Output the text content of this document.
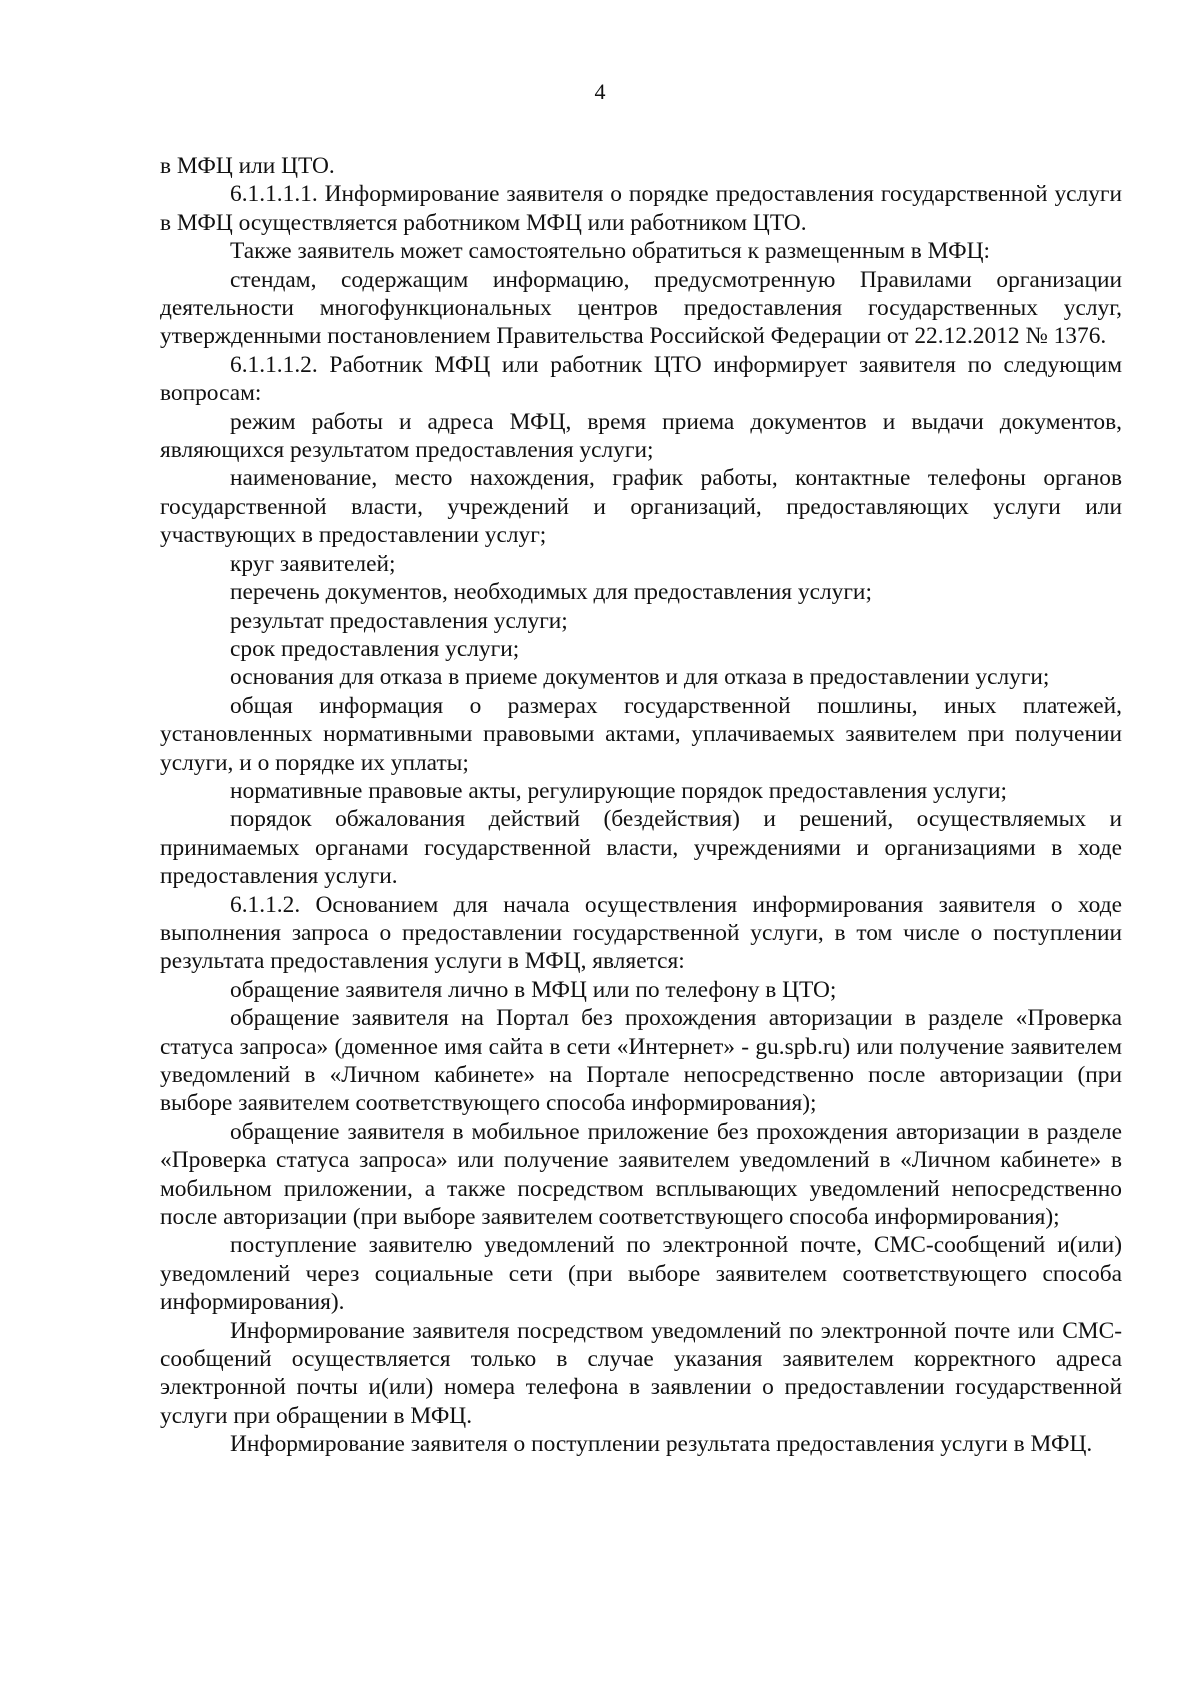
4

в МФЦ или ЦТО.

6.1.1.1.1. Информирование заявителя о порядке предоставления государственной услуги в МФЦ осуществляется работником МФЦ или работником ЦТО.

Также заявитель может самостоятельно обратиться к размещенным в МФЦ:

стендам, содержащим информацию, предусмотренную Правилами организации деятельности многофункциональных центров предоставления государственных услуг, утвержденными постановлением Правительства Российской Федерации от 22.12.2012 № 1376.

6.1.1.1.2. Работник МФЦ или работник ЦТО информирует заявителя по следующим вопросам:

режим работы и адреса МФЦ, время приема документов и выдачи документов, являющихся результатом предоставления услуги;

наименование, место нахождения, график работы, контактные телефоны органов государственной власти, учреждений и организаций, предоставляющих услуги или участвующих в предоставлении услуг;

круг заявителей;

перечень документов, необходимых для предоставления услуги;

результат предоставления услуги;

срок предоставления услуги;

основания для отказа в приеме документов и для отказа в предоставлении услуги;

общая информация о размерах государственной пошлины, иных платежей, установленных нормативными правовыми актами, уплачиваемых заявителем при получении услуги, и о порядке их уплаты;

нормативные правовые акты, регулирующие порядок предоставления услуги;

порядок обжалования действий (бездействия) и решений, осуществляемых и принимаемых органами государственной власти, учреждениями и организациями в ходе предоставления услуги.

6.1.1.2. Основанием для начала осуществления информирования заявителя о ходе выполнения запроса о предоставлении государственной услуги, в том числе о поступлении результата предоставления услуги в МФЦ, является:

обращение заявителя лично в МФЦ или по телефону в ЦТО;

обращение заявителя на Портал без прохождения авторизации в разделе «Проверка статуса запроса» (доменное имя сайта в сети «Интернет» - gu.spb.ru) или получение заявителем уведомлений в «Личном кабинете» на Портале непосредственно после авторизации (при выборе заявителем соответствующего способа информирования);

обращение заявителя в мобильное приложение без прохождения авторизации в разделе «Проверка статуса запроса» или получение заявителем уведомлений в «Личном кабинете» в мобильном приложении, а также посредством всплывающих уведомлений непосредственно после авторизации (при выборе заявителем соответствующего способа информирования);

поступление заявителю уведомлений по электронной почте, СМС-сообщений и(или) уведомлений через социальные сети (при выборе заявителем соответствующего способа информирования).

Информирование заявителя посредством уведомлений по электронной почте или СМС-сообщений осуществляется только в случае указания заявителем корректного адреса электронной почты и(или) номера телефона в заявлении о предоставлении государственной услуги при обращении в МФЦ.

Информирование заявителя о поступлении результата предоставления услуги в МФЦ.
